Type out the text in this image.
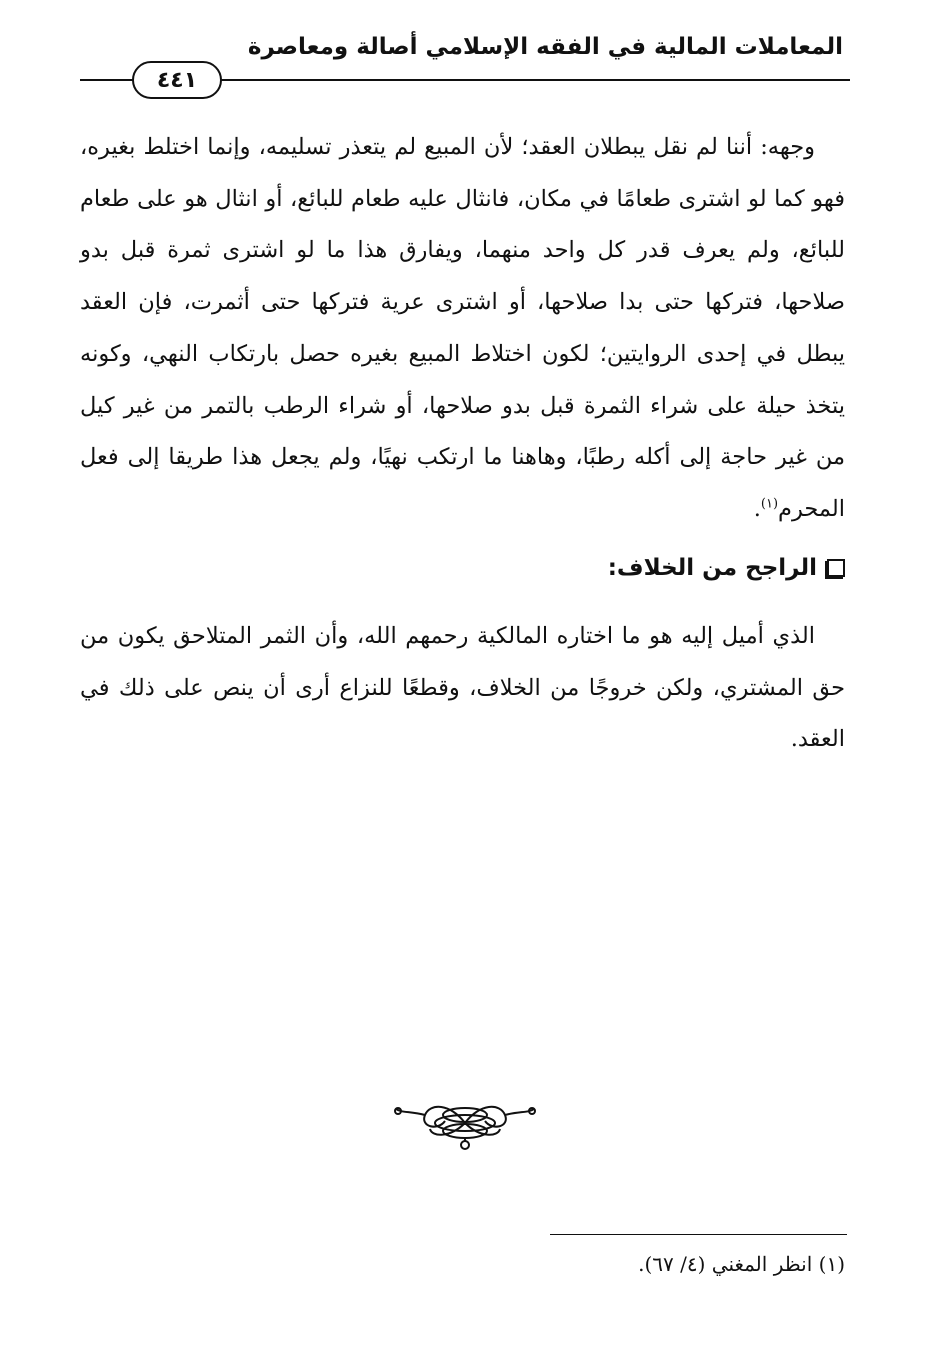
المعاملات المالية في الفقه الإسلامي أصالة ومعاصرة
٤٤١

وجهه: أننا لم نقل يبطلان العقد؛ لأن المبيع لم يتعذر تسليمه، وإنما اختلط بغيره، فهو كما لو اشترى طعامًا في مكان، فانثال عليه طعام للبائع، أو انثال هو على طعام للبائع، ولم يعرف قدر كل واحد منهما، ويفارق هذا ما لو اشترى ثمرة قبل بدو صلاحها، فتركها حتى بدا صلاحها، أو اشترى عرية فتركها حتى أثمرت، فإن العقد يبطل في إحدى الروايتين؛ لكون اختلاط المبيع بغيره حصل بارتكاب النهي، وكونه يتخذ حيلة على شراء الثمرة قبل بدو صلاحها، أو شراء الرطب بالتمر من غير كيل من غير حاجة إلى أكله رطبًا، وهاهنا ما ارتكب نهيًا، ولم يجعل هذا طريقا إلى فعل المحرم$^{(١)}$.

الراجح من الخلاف:

الذي أميل إليه هو ما اختاره المالكية رحمهم الله، وأن الثمر المتلاحق يكون من حق المشتري، ولكن خروجًا من الخلاف، وقطعًا للنزاع أرى أن ينص على ذلك في العقد.

(١) انظر المغني (٤/ ٦٧).
